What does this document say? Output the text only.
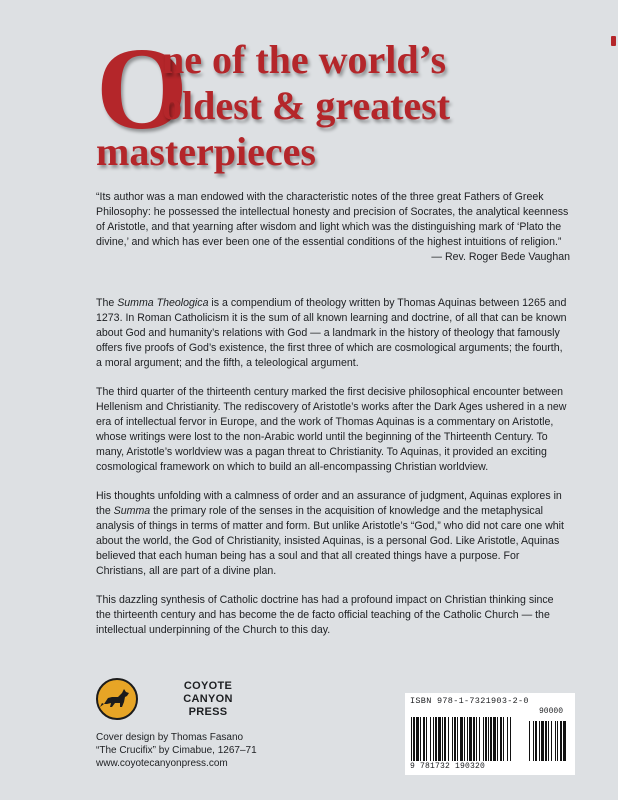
O
ne of the world’s
oldest & greatest
masterpieces
“Its author was a man endowed with the characteristic notes of the three great Fathers of Greek Philosophy: he possessed the intellectual honesty and precision of Socrates, the analytical keenness of Aristotle, and that yearning after wisdom and light which was the distinguishing mark of ‘Plato the divine,’ and which has ever been one of the essential conditions of the highest intuitions of religion.”
— Rev. Roger Bede Vaughan

The Summa Theologica is a compendium of theology written by Thomas Aquinas between 1265 and 1273. In Roman Catholicism it is the sum of all known learning and doctrine, of all that can be known about God and humanity’s relations with God — a landmark in the history of theology that famously offers five proofs of God’s existence, the first three of which are cosmological arguments; the fourth, a moral argument; and the fifth, a teleological argument.

The third quarter of the thirteenth century marked the first decisive philosophical encounter between Hellenism and Christianity. The rediscovery of Aristotle’s works after the Dark Ages ushered in a new era of intellectual fervor in Europe, and the work of Thomas Aquinas is a commentary on Aristotle, whose writings were lost to the non-Arabic world until the beginning of the Thirteenth Century. To many, Aristotle’s worldview was a pagan threat to Christianity. To Aquinas, it provided an exciting cosmological framework on which to build an all-encompassing Christian worldview.

His thoughts unfolding with a calmness of order and an assurance of judgment, Aquinas explores in the Summa the primary role of the senses in the acquisition of knowledge and the metaphysical analysis of things in terms of matter and form. But unlike Aristotle’s “God,” who did not care one whit about the world, the God of Christianity, insisted Aquinas, is a personal God. Like Aristotle, Aquinas believed that each human being has a soul and that all created things have a purpose. For Christians, all are part of a divine plan.

This dazzling synthesis of Catholic doctrine has had a profound impact on Christian thinking since the thirteenth century and has become the de facto official teaching of the Catholic Church — the intellectual underpinning of the Church to this day.

COYOTE
CANYON
PRESS
Cover design by Thomas Fasano
“The Crucifix” by Cimabue, 1267–71
www.coyotecanyonpress.com
ISBN 978-1-7321903-2-0
90000
9 781732 190320
